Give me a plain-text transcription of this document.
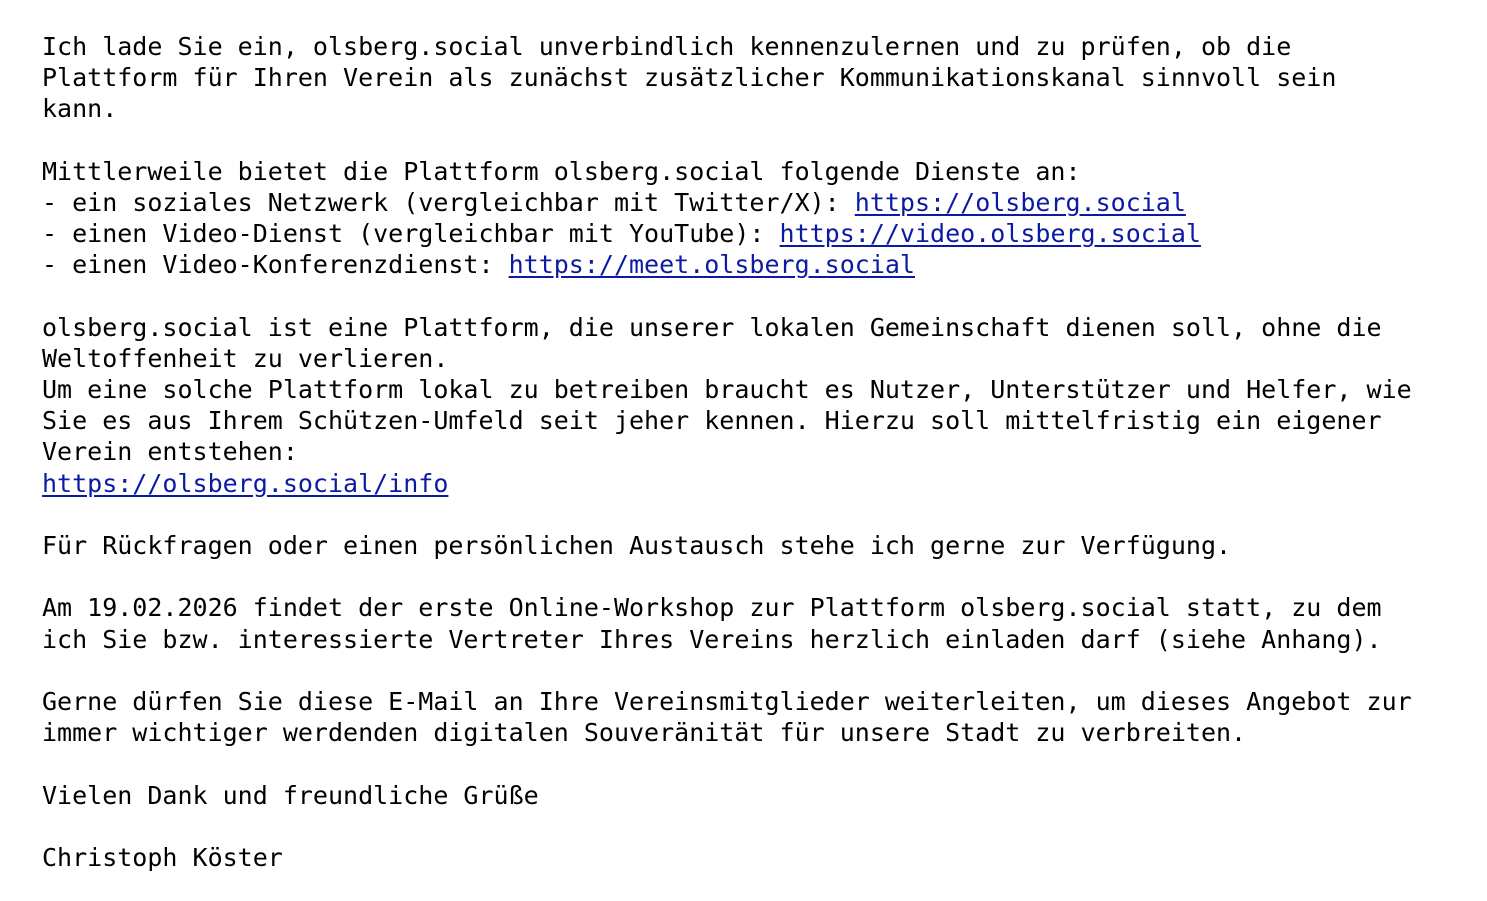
Ich lade Sie ein, olsberg.social unverbindlich kennenzulernen und zu prüfen, ob die
Plattform für Ihren Verein als zunächst zusätzlicher Kommunikationskanal sinnvoll sein
kann.
Mittlerweile bietet die Plattform olsberg.social folgende Dienste an:
- ein soziales Netzwerk (vergleichbar mit Twitter/X): https://olsberg.social
- einen Video-Dienst (vergleichbar mit YouTube): https://video.olsberg.social
- einen Video-Konferenzdienst: https://meet.olsberg.social
olsberg.social ist eine Plattform, die unserer lokalen Gemeinschaft dienen soll, ohne die
Weltoffenheit zu verlieren.
Um eine solche Plattform lokal zu betreiben braucht es Nutzer, Unterstützer und Helfer, wie
Sie es aus Ihrem Schützen-Umfeld seit jeher kennen. Hierzu soll mittelfristig ein eigener
Verein entstehen:
https://olsberg.social/info
Für Rückfragen oder einen persönlichen Austausch stehe ich gerne zur Verfügung.
Am 19.02.2026 findet der erste Online-Workshop zur Plattform olsberg.social statt, zu dem
ich Sie bzw. interessierte Vertreter Ihres Vereins herzlich einladen darf (siehe Anhang).
Gerne dürfen Sie diese E-Mail an Ihre Vereinsmitglieder weiterleiten, um dieses Angebot zur
immer wichtiger werdenden digitalen Souveränität für unsere Stadt zu verbreiten.
Vielen Dank und freundliche Grüße
Christoph Köster
